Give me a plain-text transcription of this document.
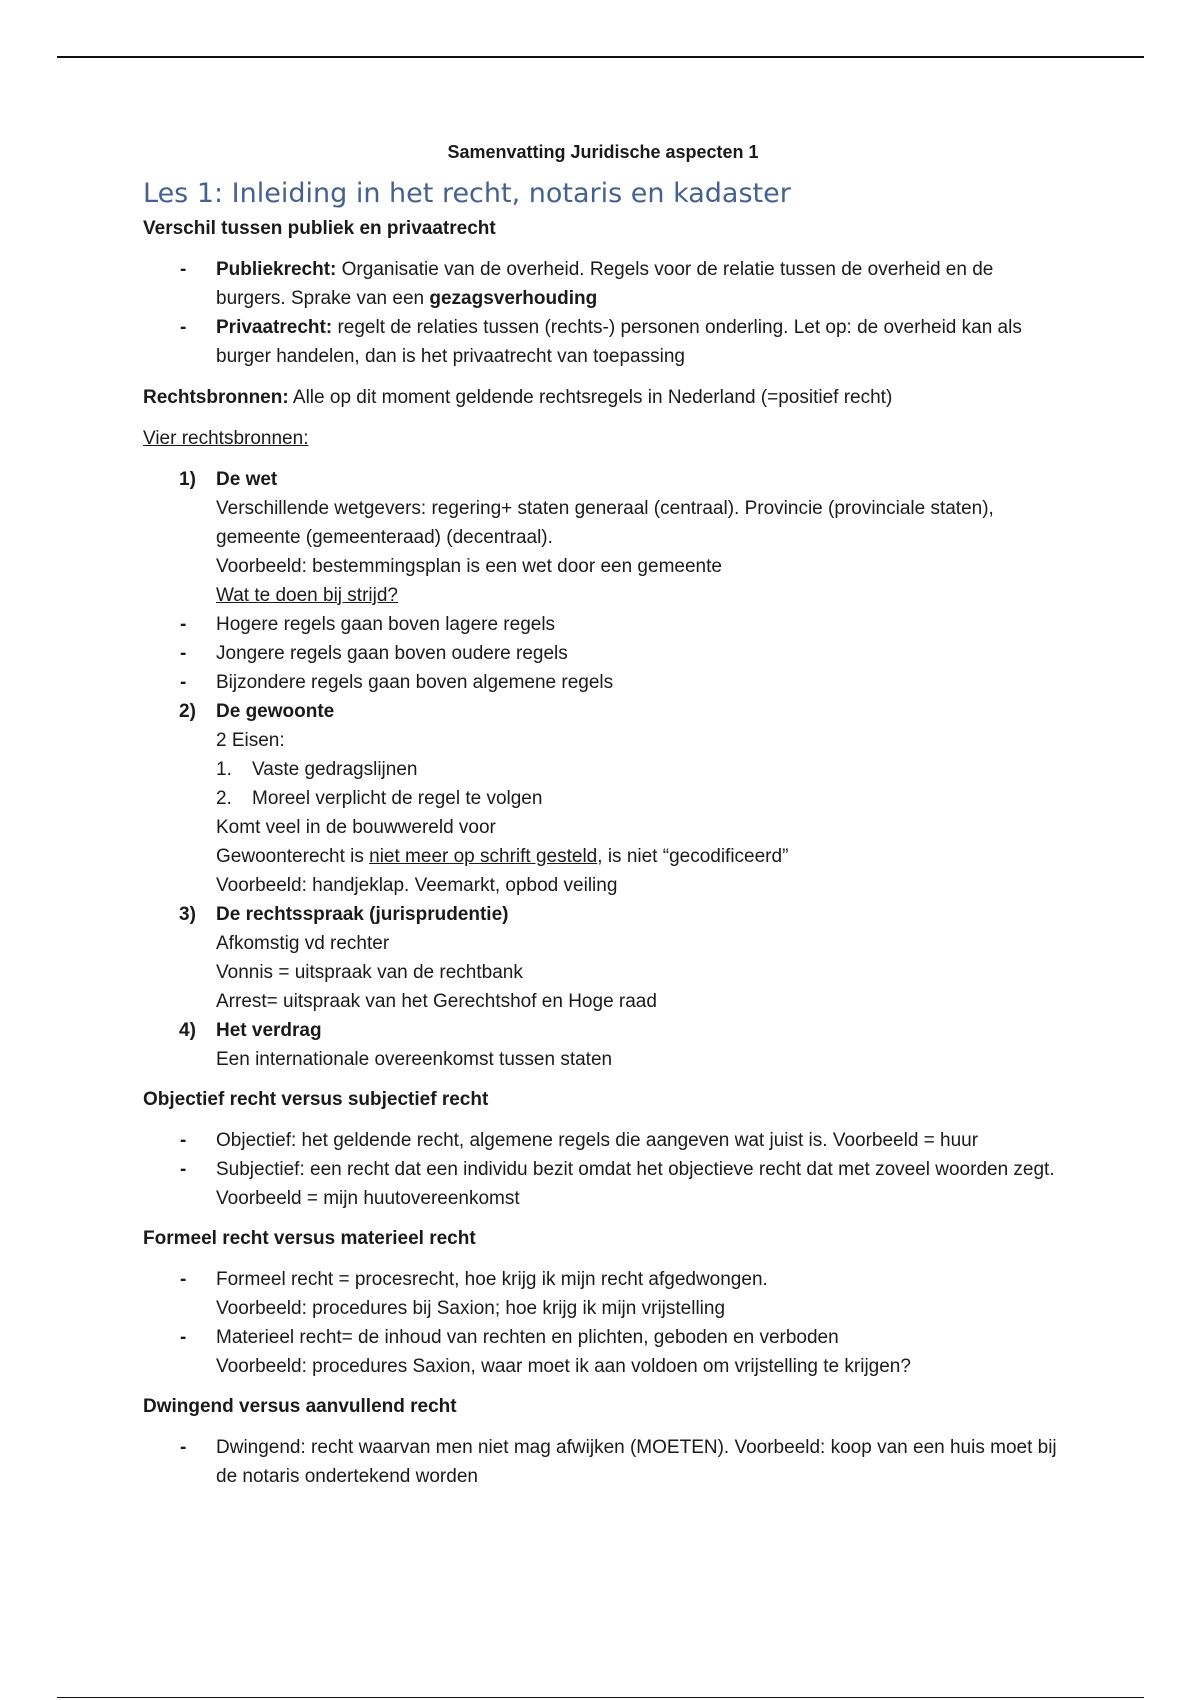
Samenvatting Juridische aspecten 1
Les 1: Inleiding in het recht, notaris en kadaster
Verschil tussen publiek en privaatrecht
- Publiekrecht: Organisatie van de overheid. Regels voor de relatie tussen de overheid en de burgers. Sprake van een gezagsverhouding
- Privaatrecht: regelt de relaties tussen (rechts-) personen onderling. Let op: de overheid kan als burger handelen, dan is het privaatrecht van toepassing
Rechtsbronnen: Alle op dit moment geldende rechtsregels in Nederland (=positief recht)
Vier rechtsbronnen:
1) De wet
Verschillende wetgevers: regering+ staten generaal (centraal). Provincie (provinciale staten), gemeente (gemeenteraad) (decentraal).
Voorbeeld: bestemmingsplan is een wet door een gemeente
Wat te doen bij strijd?
- Hogere regels gaan boven lagere regels
- Jongere regels gaan boven oudere regels
- Bijzondere regels gaan boven algemene regels
2) De gewoonte
2 Eisen:
1. Vaste gedragslijnen
2. Moreel verplicht de regel te volgen
Komt veel in de bouwwereld voor
Gewoonterecht is niet meer op schrift gesteld, is niet “gecodificeerd”
Voorbeeld: handjeklap. Veemarkt, opbod veiling
3) De rechtsspraak (jurisprudentie)
Afkomstig vd rechter
Vonnis = uitspraak van de rechtbank
Arrest= uitspraak van het Gerechtshof en Hoge raad
4) Het verdrag
Een internationale overeenkomst tussen staten
Objectief recht versus subjectief recht
- Objectief: het geldende recht, algemene regels die aangeven wat juist is. Voorbeeld = huur
- Subjectief: een recht dat een individu bezit omdat het objectieve recht dat met zoveel woorden zegt. Voorbeeld = mijn huutovereenkomst
Formeel recht versus materieel recht
- Formeel recht = procesrecht, hoe krijg ik mijn recht afgedwongen.
Voorbeeld: procedures bij Saxion; hoe krijg ik mijn vrijstelling
- Materieel recht= de inhoud van rechten en plichten, geboden en verboden
Voorbeeld: procedures Saxion, waar moet ik aan voldoen om vrijstelling te krijgen?
Dwingend versus aanvullend recht
- Dwingend: recht waarvan men niet mag afwijken (MOETEN). Voorbeeld: koop van een huis moet bij de notaris ondertekend worden
